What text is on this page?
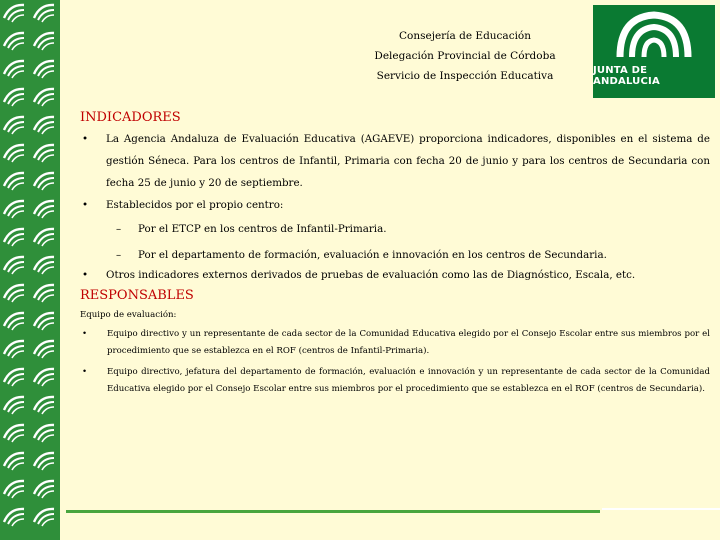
Consejería de Educación
Delegación Provincial de Córdoba
Servicio de Inspección Educativa	JUNTA DE ANDALUCIA
INDICADORES
• La Agencia Andaluza de Evaluación Educativa (AGAEVE) proporciona indicadores, disponibles en el sistema de gestión Séneca. Para los centros de Infantil, Primaria con fecha 20 de junio y para los centros de Secundaria con fecha 25 de junio y 20 de septiembre.
• Establecidos por el propio centro:
– Por el ETCP en los centros de Infantil-Primaria.
– Por el departamento de formación, evaluación e innovación en los centros de Secundaria.
• Otros indicadores externos derivados de pruebas de evaluación como las de Diagnóstico, Escala, etc.
RESPONSABLES
Equipo de evaluación:
• Equipo directivo y un representante de cada sector de la Comunidad Educativa elegido por el Consejo Escolar entre sus miembros por el procedimiento que se establezca en el ROF (centros de Infantil-Primaria).
• Equipo directivo, jefatura del departamento de formación, evaluación e innovación y un representante de cada sector de la Comunidad Educativa elegido por el Consejo Escolar entre sus miembros por el procedimiento que se establezca en el ROF (centros de Secundaria).
